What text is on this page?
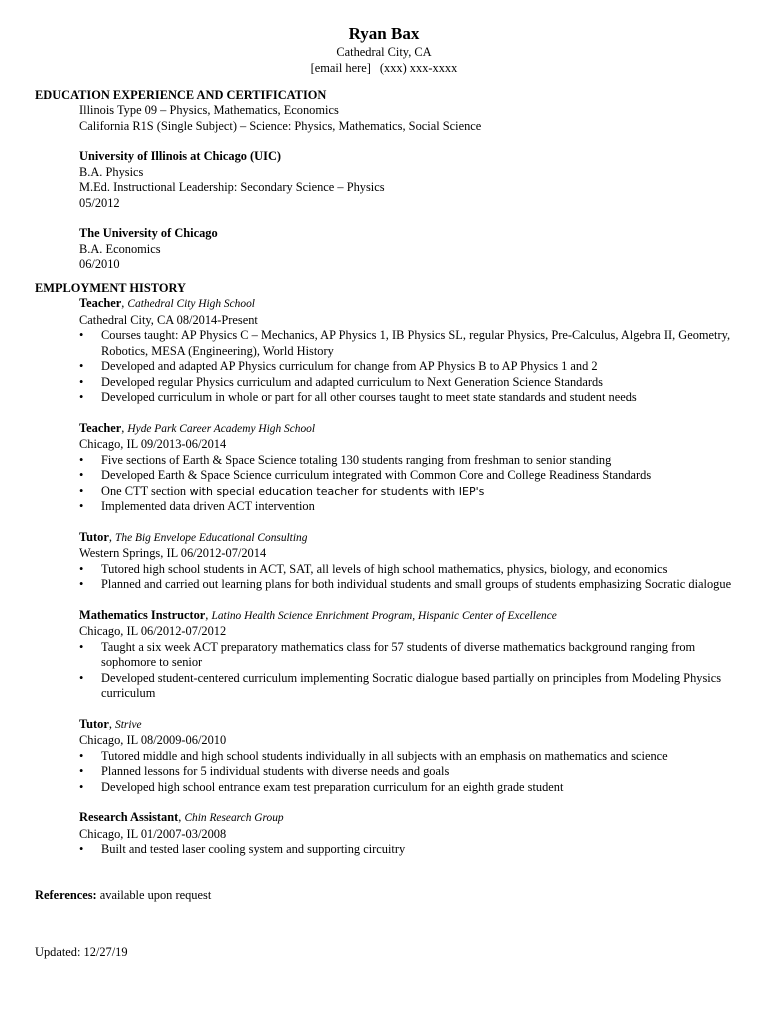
Ryan Bax
Cathedral City, CA
[email here] (xxx) xxx-xxxx
EDUCATION EXPERIENCE AND CERTIFICATION
Illinois Type 09 – Physics, Mathematics, Economics
California R1S (Single Subject) – Science: Physics, Mathematics, Social Science
University of Illinois at Chicago (UIC)
B.A. Physics
M.Ed. Instructional Leadership: Secondary Science – Physics
05/2012
The University of Chicago
B.A. Economics
06/2010
EMPLOYMENT HISTORY
Teacher, Cathedral City High School
Cathedral City, CA 08/2014-Present
• Courses taught: AP Physics C – Mechanics, AP Physics 1, IB Physics SL, regular Physics, Pre-Calculus, Algebra II, Geometry, Robotics, MESA (Engineering), World History
• Developed and adapted AP Physics curriculum for change from AP Physics B to AP Physics 1 and 2
• Developed regular Physics curriculum and adapted curriculum to Next Generation Science Standards
• Developed curriculum in whole or part for all other courses taught to meet state standards and student needs
Teacher, Hyde Park Career Academy High School
Chicago, IL 09/2013-06/2014
• Five sections of Earth & Space Science totaling 130 students ranging from freshman to senior standing
• Developed Earth & Space Science curriculum integrated with Common Core and College Readiness Standards
• One CTT section with special education teacher for students with IEP's
• Implemented data driven ACT intervention
Tutor, The Big Envelope Educational Consulting
Western Springs, IL 06/2012-07/2014
• Tutored high school students in ACT, SAT, all levels of high school mathematics, physics, biology, and economics
• Planned and carried out learning plans for both individual students and small groups of students emphasizing Socratic dialogue
Mathematics Instructor, Latino Health Science Enrichment Program, Hispanic Center of Excellence
Chicago, IL 06/2012-07/2012
• Taught a six week ACT preparatory mathematics class for 57 students of diverse mathematics background ranging from sophomore to senior
• Developed student-centered curriculum implementing Socratic dialogue based partially on principles from Modeling Physics curriculum
Tutor, Strive
Chicago, IL 08/2009-06/2010
• Tutored middle and high school students individually in all subjects with an emphasis on mathematics and science
• Planned lessons for 5 individual students with diverse needs and goals
• Developed high school entrance exam test preparation curriculum for an eighth grade student
Research Assistant, Chin Research Group
Chicago, IL 01/2007-03/2008
• Built and tested laser cooling system and supporting circuitry
References: available upon request
Updated: 12/27/19
